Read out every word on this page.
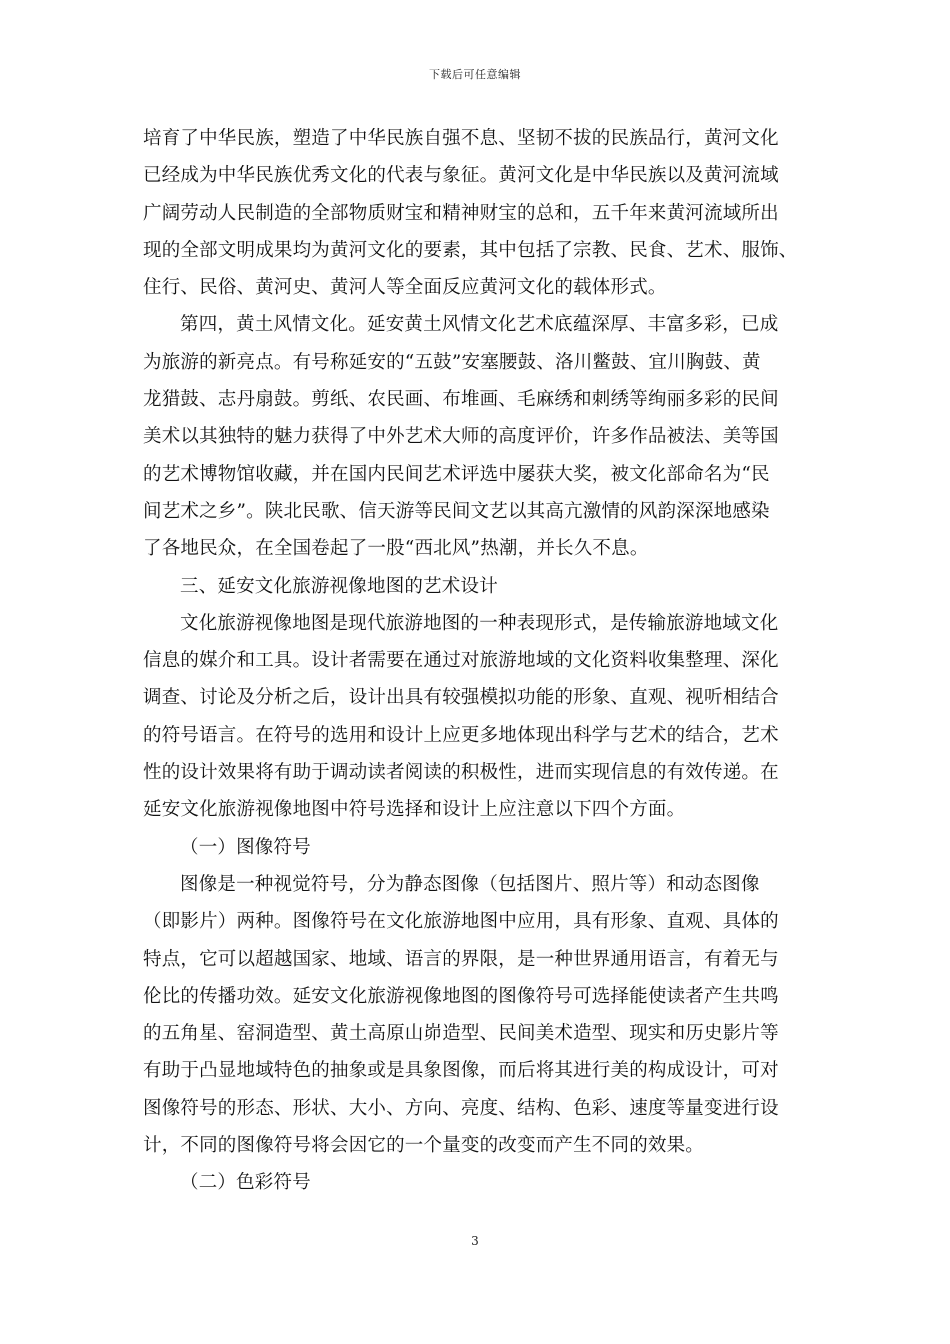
下载后可任意编辑
培育了中华民族，塑造了中华民族自强不息、坚韧不拔的民族品行，黄河文化
已经成为中华民族优秀文化的代表与象征。黄河文化是中华民族以及黄河流域
广阔劳动人民制造的全部物质财宝和精神财宝的总和，五千年来黄河流域所出
现的全部文明成果均为黄河文化的要素，其中包括了宗教、民食、艺术、服饰、
住行、民俗、黄河史、黄河人等全面反应黄河文化的载体形式。
第四，黄土风情文化。延安黄土风情文化艺术底蕴深厚、丰富多彩，已成
为旅游的新亮点。有号称延安的“五鼓”安塞腰鼓、洛川鳖鼓、宜川胸鼓、黄
龙猎鼓、志丹扇鼓。剪纸、农民画、布堆画、毛麻绣和刺绣等绚丽多彩的民间
美术以其独特的魅力获得了中外艺术大师的高度评价，许多作品被法、美等国
的艺术博物馆收藏，并在国内民间艺术评选中屡获大奖，被文化部命名为“民
间艺术之乡”。陕北民歌、信天游等民间文艺以其高亢激情的风韵深深地感染
了各地民众，在全国卷起了一股“西北风”热潮，并长久不息。
三、延安文化旅游视像地图的艺术设计
文化旅游视像地图是现代旅游地图的一种表现形式，是传输旅游地域文化
信息的媒介和工具。设计者需要在通过对旅游地域的文化资料收集整理、深化
调查、讨论及分析之后，设计出具有较强模拟功能的形象、直观、视听相结合
的符号语言。在符号的选用和设计上应更多地体现出科学与艺术的结合，艺术
性的设计效果将有助于调动读者阅读的积极性，进而实现信息的有效传递。在
延安文化旅游视像地图中符号选择和设计上应注意以下四个方面。
（一）图像符号
图像是一种视觉符号，分为静态图像（包括图片、照片等）和动态图像
（即影片）两种。图像符号在文化旅游地图中应用，具有形象、直观、具体的
特点，它可以超越国家、地域、语言的界限，是一种世界通用语言，有着无与
伦比的传播功效。延安文化旅游视像地图的图像符号可选择能使读者产生共鸣
的五角星、窑洞造型、黄土高原山峁造型、民间美术造型、现实和历史影片等
有助于凸显地域特色的抽象或是具象图像，而后将其进行美的构成设计，可对
图像符号的形态、形状、大小、方向、亮度、结构、色彩、速度等量变进行设
计，不同的图像符号将会因它的一个量变的改变而产生不同的效果。
（二）色彩符号
3
